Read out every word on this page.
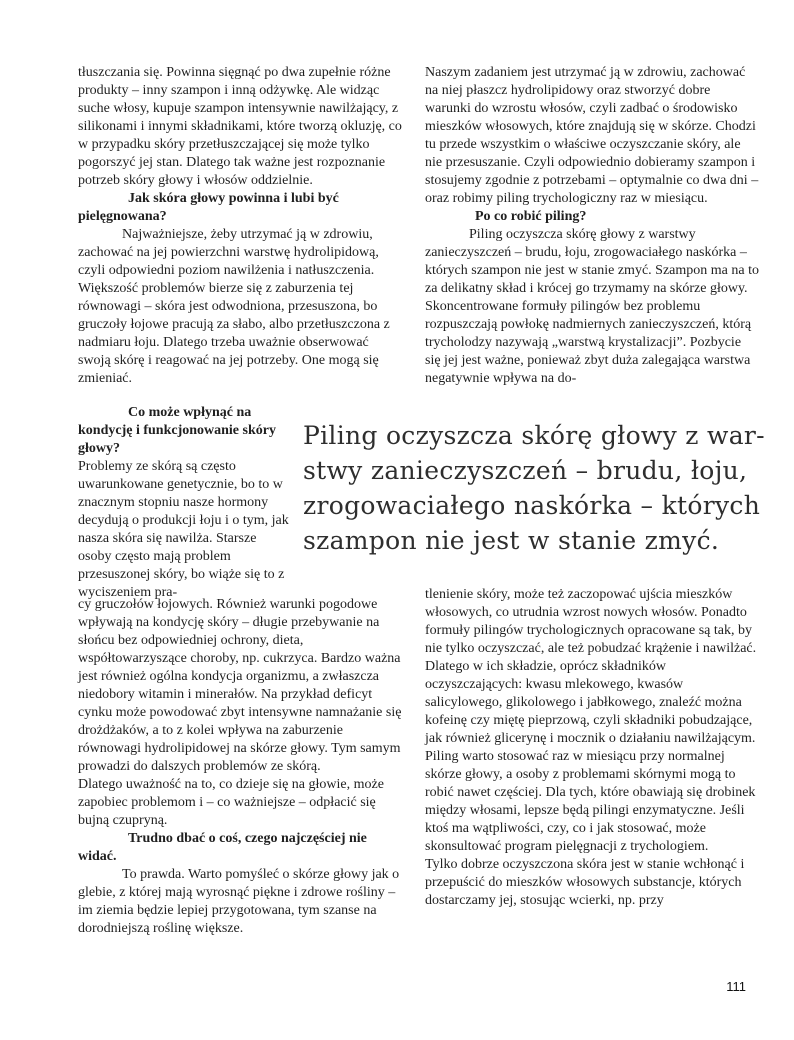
tłuszczania się. Powinna sięgnąć po dwa zupełnie różne produkty – inny szampon i inną odżywkę. Ale widząc suche włosy, kupuje szampon intensywnie nawilżający, z silikonami i innymi składnikami, które tworzą okluzję, co w przypadku skóry przetłuszczającej się może tylko pogorszyć jej stan. Dlatego tak ważne jest rozpoznanie potrzeb skóry głowy i włosów oddzielnie.

Jak skóra głowy powinna i lubi być pielęgnowana?

Najważniejsze, żeby utrzymać ją w zdrowiu, zachować na jej powierzchni warstwę hydrolipidową, czyli odpowiedni poziom nawilżenia i natłuszczenia. Większość problemów bierze się z zaburzenia tej równowagi – skóra jest odwodniona, przesuszona, bo gruczoły łojowe pracują za słabo, albo przetłuszczona z nadmiaru łoju. Dlatego trzeba uważnie obserwować swoją skórę i reagować na jej potrzeby. One mogą się zmieniać.

Co może wpłynąć na kondycję i funkcjonowanie skóry głowy?

Problemy ze skórą są często uwarunkowane genetycznie, bo to w znacznym stopniu nasze hormony decydują o produkcji łoju i o tym, jak nasza skóra się nawilża. Starsze osoby często mają problem przesuszonej skóry, bo wiąże się to z wyciszeniem pra-

cy gruczołów łojowych. Również warunki pogodowe wpływają na kondycję skóry – długie przebywanie na słońcu bez odpowiedniej ochrony, dieta, współtowarzyszące choroby, np. cukrzyca. Bardzo ważna jest również ogólna kondycja organizmu, a zwłaszcza niedobory witamin i minerałów. Na przykład deficyt cynku może powodować zbyt intensywne namnażanie się drożdżaków, a to z kolei wpływa na zaburzenie równowagi hydrolipidowej na skórze głowy. Tym samym prowadzi do dalszych problemów ze skórą.

Dlatego uważność na to, co dzieje się na głowie, może zapobiec problemom i – co ważniejsze – odpłacić się bujną czupryną.

Trudno dbać o coś, czego najczęściej nie widać.

To prawda. Warto pomyśleć o skórze głowy jak o glebie, z której mają wyrosnąć piękne i zdrowe rośliny – im ziemia będzie lepiej przygotowana, tym szanse na dorodniejszą roślinę większe.

Naszym zadaniem jest utrzymać ją w zdrowiu, zachować na niej płaszcz hydrolipidowy oraz stworzyć dobre warunki do wzrostu włosów, czyli zadbać o środowisko mieszków włosowych, które znajdują się w skórze. Chodzi tu przede wszystkim o właściwe oczyszczanie skóry, ale nie przesuszanie. Czyli odpowiednio dobieramy szampon i stosujemy zgodnie z potrzebami – optymalnie co dwa dni – oraz robimy piling trychologiczny raz w miesiącu.

Po co robić piling?

Piling oczyszcza skórę głowy z warstwy zanieczyszczeń – brudu, łoju, zrogowaciałego naskórka – których szampon nie jest w stanie zmyć. Szampon ma na to za delikatny skład i krócej go trzymamy na skórze głowy. Skoncentrowane formuły pilingów bez problemu rozpuszczają powłokę nadmiernych zanieczyszczeń, którą trycholodzy nazywają „warstwą krystalizacji”. Pozbycie się jej jest ważne, ponieważ zbyt duża zalegająca warstwa negatywnie wpływa na do-

Piling oczyszcza skórę głowy z war-
stwy zanieczyszczeń – brudu, łoju,
zrogowaciałego naskórka – których
szampon nie jest w stanie zmyć.

tlenienie skóry, może też zaczopować ujścia mieszków włosowych, co utrudnia wzrost nowych włosów. Ponadto formuły pilingów trychologicznych opracowane są tak, by nie tylko oczyszczać, ale też pobudzać krążenie i nawilżać. Dlatego w ich składzie, oprócz składników oczyszczających: kwasu mlekowego, kwasów salicylowego, glikolowego i jabłkowego, znaleźć można kofeinę czy miętę pieprzową, czyli składniki pobudzające, jak również glicerynę i mocznik o działaniu nawilżającym.

Piling warto stosować raz w miesiącu przy normalnej skórze głowy, a osoby z problemami skórnymi mogą to robić nawet częściej. Dla tych, które obawiają się drobinek między włosami, lepsze będą pilingi enzymatyczne. Jeśli ktoś ma wątpliwości, czy, co i jak stosować, może skonsultować program pielęgnacji z trychologiem.

Tylko dobrze oczyszczona skóra jest w stanie wchłonąć i przepuścić do mieszków włosowych substancje, których dostarczamy jej, stosując wcierki, np. przy

111
